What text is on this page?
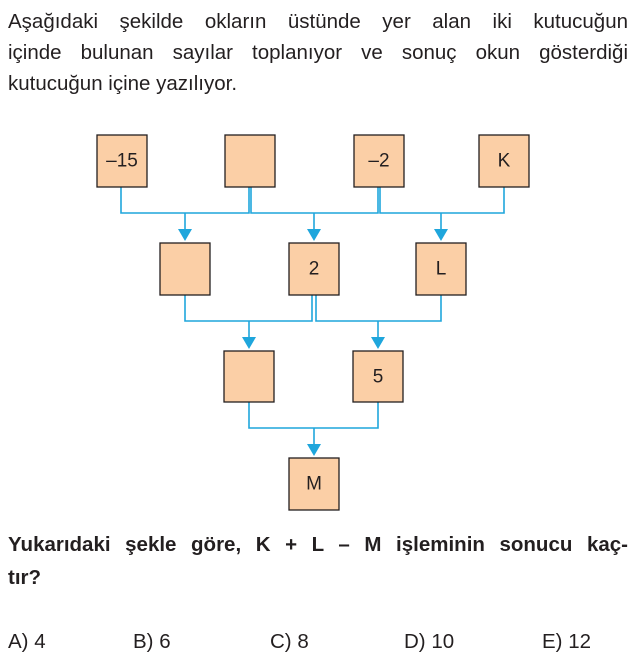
Aşağıdaki şekilde okların üstünde yer alan iki kutucuğun
içinde bulunan sayılar toplanıyor ve sonuç okun gösterdiği
kutucuğun içine yazılıyor.

–15	–2	K
2	L
5
M

Yukarıdaki şekle göre, K + L – M işleminin sonucu kaç-
tır?

A) 4	B) 6	C) 8	D) 10	E) 12
